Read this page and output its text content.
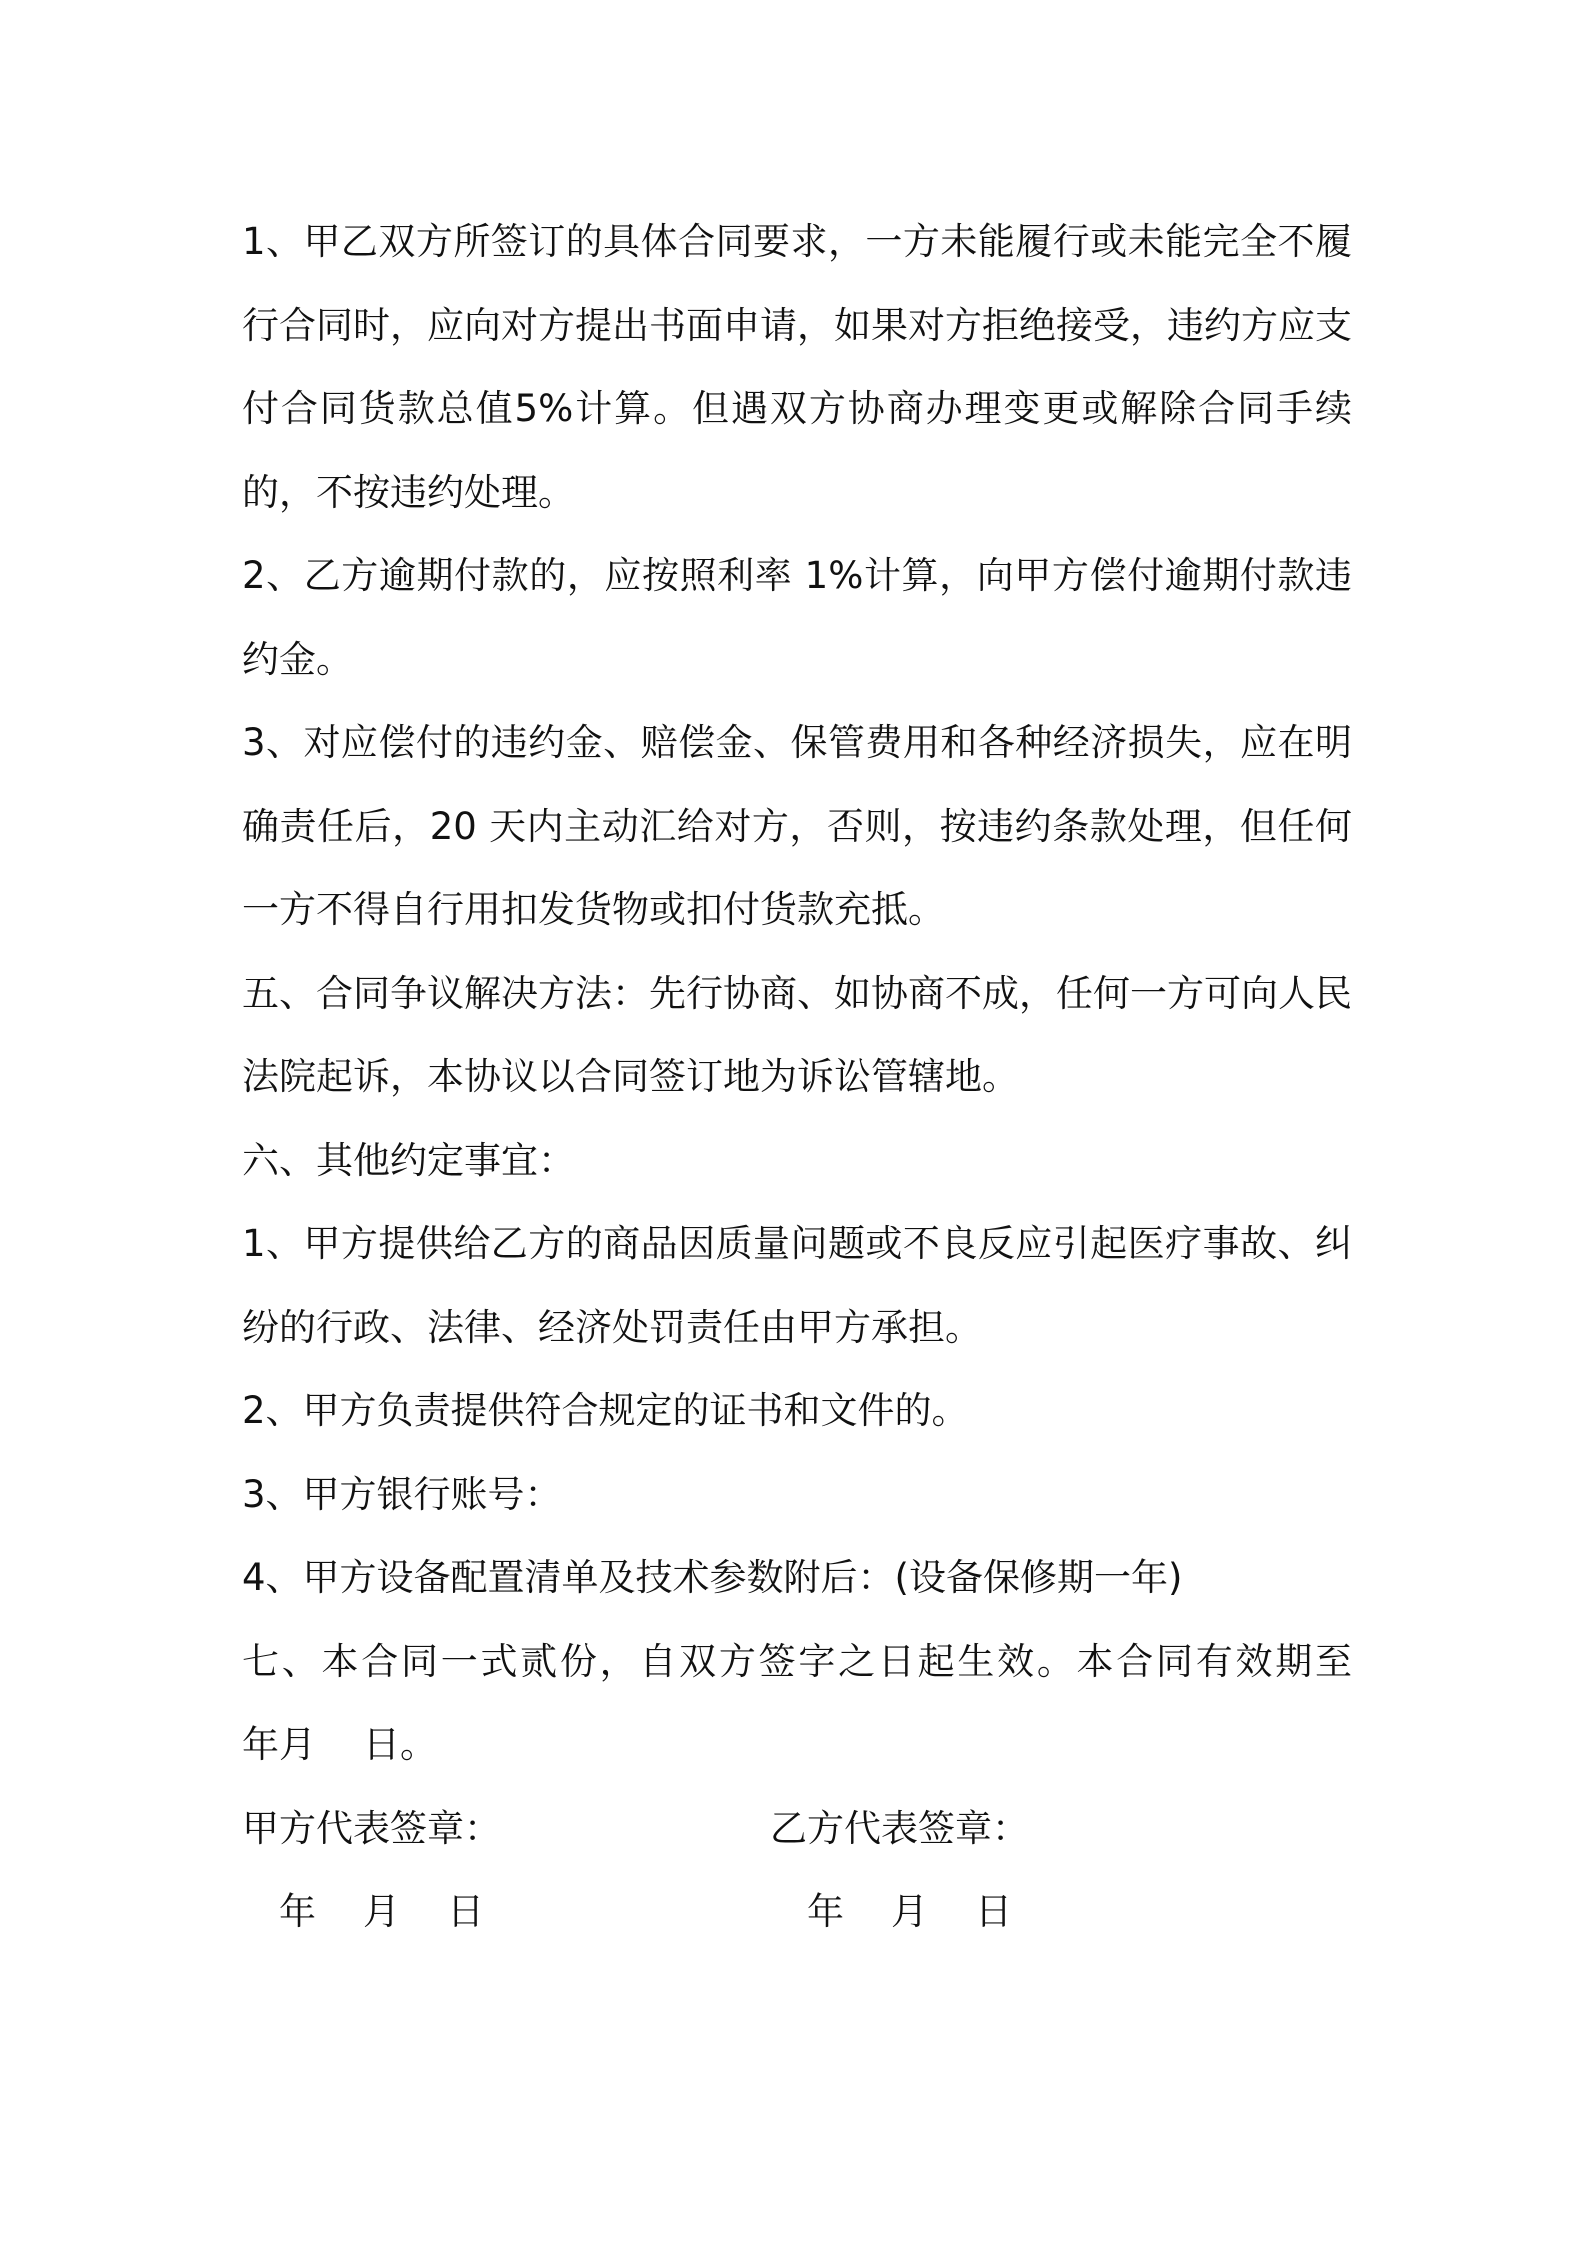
1、甲乙双方所签订的具体合同要求，一方未能履行或未能完全不履行合同时，应向对方提出书面申请，如果对方拒绝接受，违约方应支付合同货款总值5%计算。但遇双方协商办理变更或解除合同手续的，不按违约处理。

2、乙方逾期付款的，应按照利率 1%计算，向甲方偿付逾期付款违约金。

3、对应偿付的违约金、赔偿金、保管费用和各种经济损失，应在明确责任后，20 天内主动汇给对方，否则，按违约条款处理，但任何一方不得自行用扣发货物或扣付货款充抵。

五、合同争议解决方法：先行协商、如协商不成，任何一方可向人民法院起诉，本协议以合同签订地为诉讼管辖地。

六、其他约定事宜：

1、甲方提供给乙方的商品因质量问题或不良反应引起医疗事故、纠纷的行政、法律、经济处罚责任由甲方承担。

2、甲方负责提供符合规定的证书和文件的。

3、甲方银行账号：

4、甲方设备配置清单及技术参数附后：(设备保修期一年)

七、本合同一式贰份，自双方签字之日起生效。本合同有效期至    年月    日。

甲方代表签章：	乙方代表签章：
年    月    日	年    月    日
